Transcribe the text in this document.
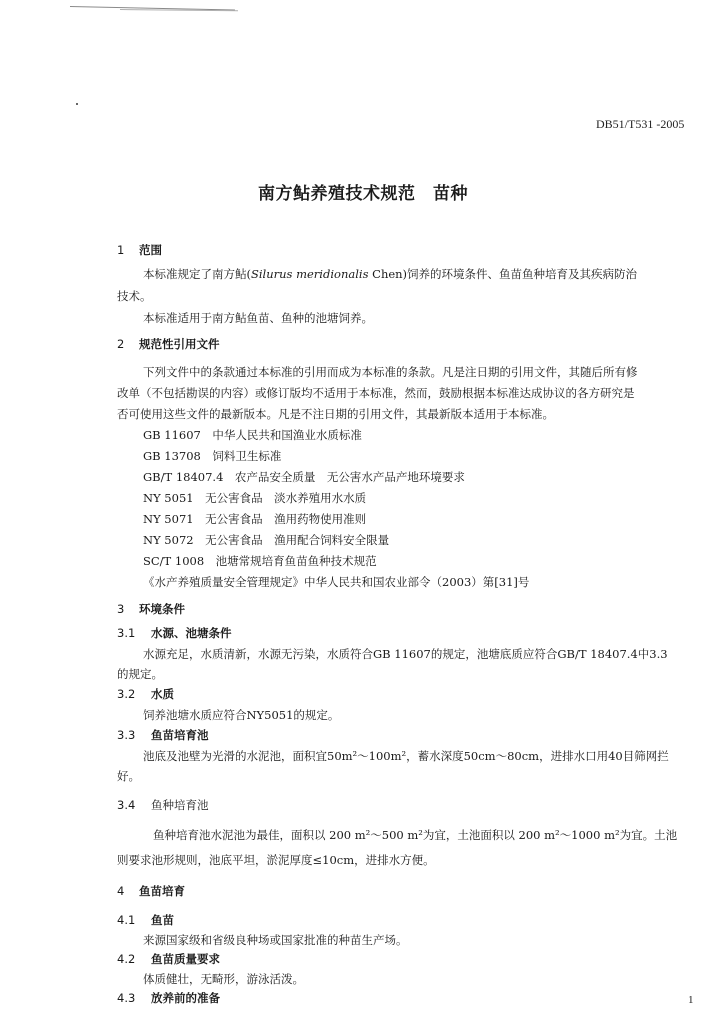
DB51/T531 -2005
南方鲇养殖技术规范　苗种
1 范围
本标准规定了南方鲇(Silurus meridionalis Chen)饲养的环境条件、鱼苗鱼种培育及其疾病防治
技术。
本标准适用于南方鲇鱼苗、鱼种的池塘饲养。
2 规范性引用文件
下列文件中的条款通过本标准的引用而成为本标准的条款。凡是注日期的引用文件，其随后所有修
改单（不包括勘误的内容）或修订版均不适用于本标准，然而，鼓励根据本标准达成协议的各方研究是
否可使用这些文件的最新版本。凡是不注日期的引用文件，其最新版本适用于本标准。
GB 11607　中华人民共和国渔业水质标准
GB 13708　饲料卫生标准
GB/T 18407.4　农产品安全质量　无公害水产品产地环境要求
NY 5051　无公害食品　淡水养殖用水水质
NY 5071　无公害食品　渔用药物使用准则
NY 5072　无公害食品　渔用配合饲料安全限量
SC/T 1008　池塘常规培育鱼苗鱼种技术规范
《水产养殖质量安全管理规定》中华人民共和国农业部令（2003）第[31]号
3 环境条件
3.1 水源、池塘条件
水源充足，水质清新，水源无污染，水质符合GB 11607的规定，池塘底质应符合GB/T 18407.4中3.3
的规定。
3.2 水质
饲养池塘水质应符合NY5051的规定。
3.3 鱼苗培育池
池底及池壁为光滑的水泥池，面积宜50m²～100m²，蓄水深度50cm～80cm，进排水口用40目筛网拦
好。
3.4 鱼种培育池
鱼种培育池水泥池为最佳，面积以 200 m²～500 m²为宜，土池面积以 200 m²～1000 m²为宜。土池
则要求池形规则，池底平坦，淤泥厚度≤10cm，进排水方便。
4 鱼苗培育
4.1 鱼苗
来源国家级和省级良种场或国家批准的种苗生产场。
4.2 鱼苗质量要求
体质健壮，无畸形，游泳活泼。
4.3 放养前的准备	1
